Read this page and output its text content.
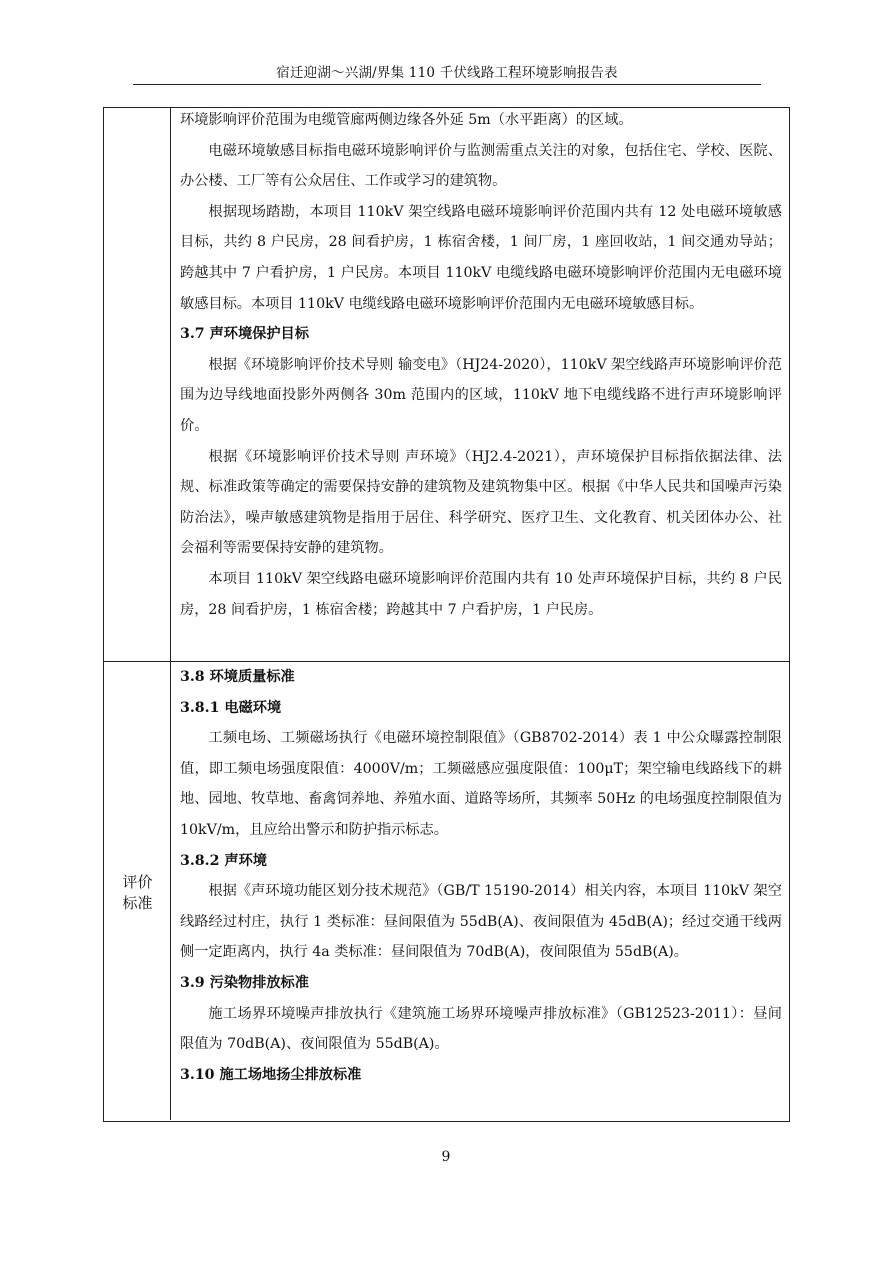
宿迁迎湖～兴湖/界集 110 千伏线路工程环境影响报告表

环境影响评价范围为电缆管廊两侧边缘各外延 5m（水平距离）的区域。

电磁环境敏感目标指电磁环境影响评价与监测需重点关注的对象，包括住宅、学校、医院、办公楼、工厂等有公众居住、工作或学习的建筑物。

根据现场踏勘，本项目 110kV 架空线路电磁环境影响评价范围内共有 12 处电磁环境敏感目标，共约 8 户民房，28 间看护房，1 栋宿舍楼，1 间厂房，1 座回收站，1 间交通劝导站；跨越其中 7 户看护房，1 户民房。本项目 110kV 电缆线路电磁环境影响评价范围内无电磁环境敏感目标。本项目 110kV 电缆线路电磁环境影响评价范围内无电磁环境敏感目标。

3.7 声环境保护目标

根据《环境影响评价技术导则 输变电》（HJ24-2020），110kV 架空线路声环境影响评价范围为边导线地面投影外两侧各 30m 范围内的区域，110kV 地下电缆线路不进行声环境影响评价。

根据《环境影响评价技术导则 声环境》（HJ2.4-2021），声环境保护目标指依据法律、法规、标准政策等确定的需要保持安静的建筑物及建筑物集中区。根据《中华人民共和国噪声污染防治法》，噪声敏感建筑物是指用于居住、科学研究、医疗卫生、文化教育、机关团体办公、社会福利等需要保持安静的建筑物。

本项目 110kV 架空线路电磁环境影响评价范围内共有 10 处声环境保护目标，共约 8 户民房，28 间看护房，1 栋宿舍楼；跨越其中 7 户看护房，1 户民房。

评价
标准

3.8 环境质量标准

3.8.1 电磁环境

工频电场、工频磁场执行《电磁环境控制限值》（GB8702-2014）表 1 中公众曝露控制限值，即工频电场强度限值：4000V/m；工频磁感应强度限值：100μT；架空输电线路线下的耕地、园地、牧草地、畜禽饲养地、养殖水面、道路等场所，其频率 50Hz 的电场强度控制限值为 10kV/m，且应给出警示和防护指示标志。

3.8.2 声环境

根据《声环境功能区划分技术规范》（GB/T 15190-2014）相关内容，本项目 110kV 架空线路经过村庄，执行 1 类标准：昼间限值为 55dB(A)、夜间限值为 45dB(A)；经过交通干线两侧一定距离内，执行 4a 类标准：昼间限值为 70dB(A)，夜间限值为 55dB(A)。

3.9 污染物排放标准

施工场界环境噪声排放执行《建筑施工场界环境噪声排放标准》（GB12523-2011）：昼间限值为 70dB(A)、夜间限值为 55dB(A)。

3.10 施工场地扬尘排放标准

9
